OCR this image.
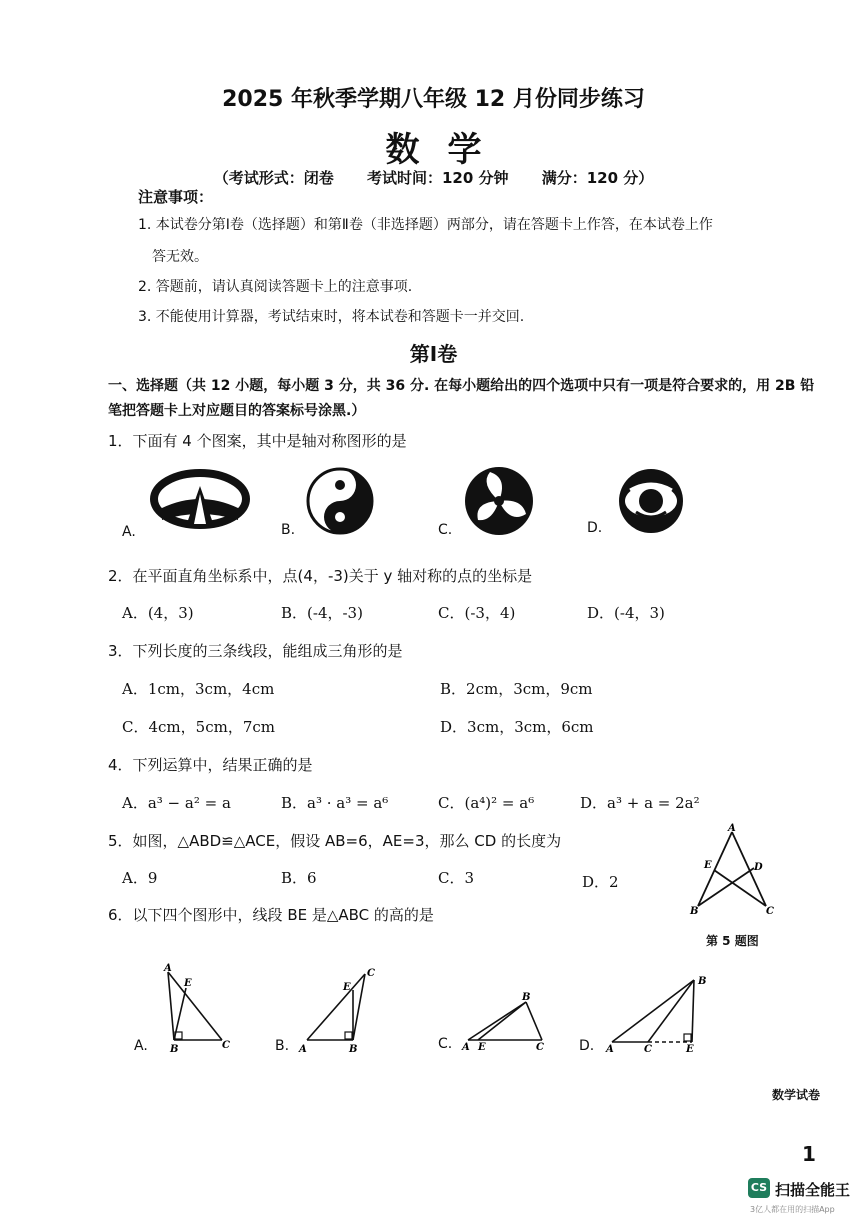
2025 年秋季学期八年级 12 月份同步练习
数学
（考试形式：闭卷 考试时间：120 分钟 满分：120 分）
注意事项：
1. 本试卷分第Ⅰ卷（选择题）和第Ⅱ卷（非选择题）两部分，请在答题卡上作答，在本试卷上作
答无效。
2. 答题前，请认真阅读答题卡上的注意事项.
3. 不能使用计算器，考试结束时，将本试卷和答题卡一并交回.
第Ⅰ卷
一、选择题（共 12 小题，每小题 3 分，共 36 分. 在每小题给出的四个选项中只有一项是符合要求的，用 2B 铅笔把答题卡上对应题目的答案标号涂黑.）
1．下面有 4 个图案，其中是轴对称图形的是
A.	B.	C.	D.
2．在平面直角坐标系中，点(4，-3)关于 y 轴对称的点的坐标是
A．(4，3)	B．(-4，-3)	C．(-3，4)	D．(-4，3)
3．下列长度的三条线段，能组成三角形的是
A．1cm，3cm，4cm	B．2cm，3cm，9cm
C．4cm，5cm，7cm	D．3cm，3cm，6cm
4．下列运算中，结果正确的是
A．a³ − a² = a	B．a³ · a³ = a⁶	C．(a⁴)² = a⁶	D．a³ + a = 2a²
5．如图，△ABD≌△ACE，假设 AB=6，AE=3，那么 CD 的长度为
A．9	B．6	C．3	D．2
A
E	D
B	C
第 5 题图
6．以下四个图形中，线段 BE 是△ABC 的高的是
A.	B.	C.	D.
A
E
B	C
C
E
A	B
B
A E	C
B
A	C	E
数学试卷
1
CS 扫描全能王
3亿人都在用的扫描App
